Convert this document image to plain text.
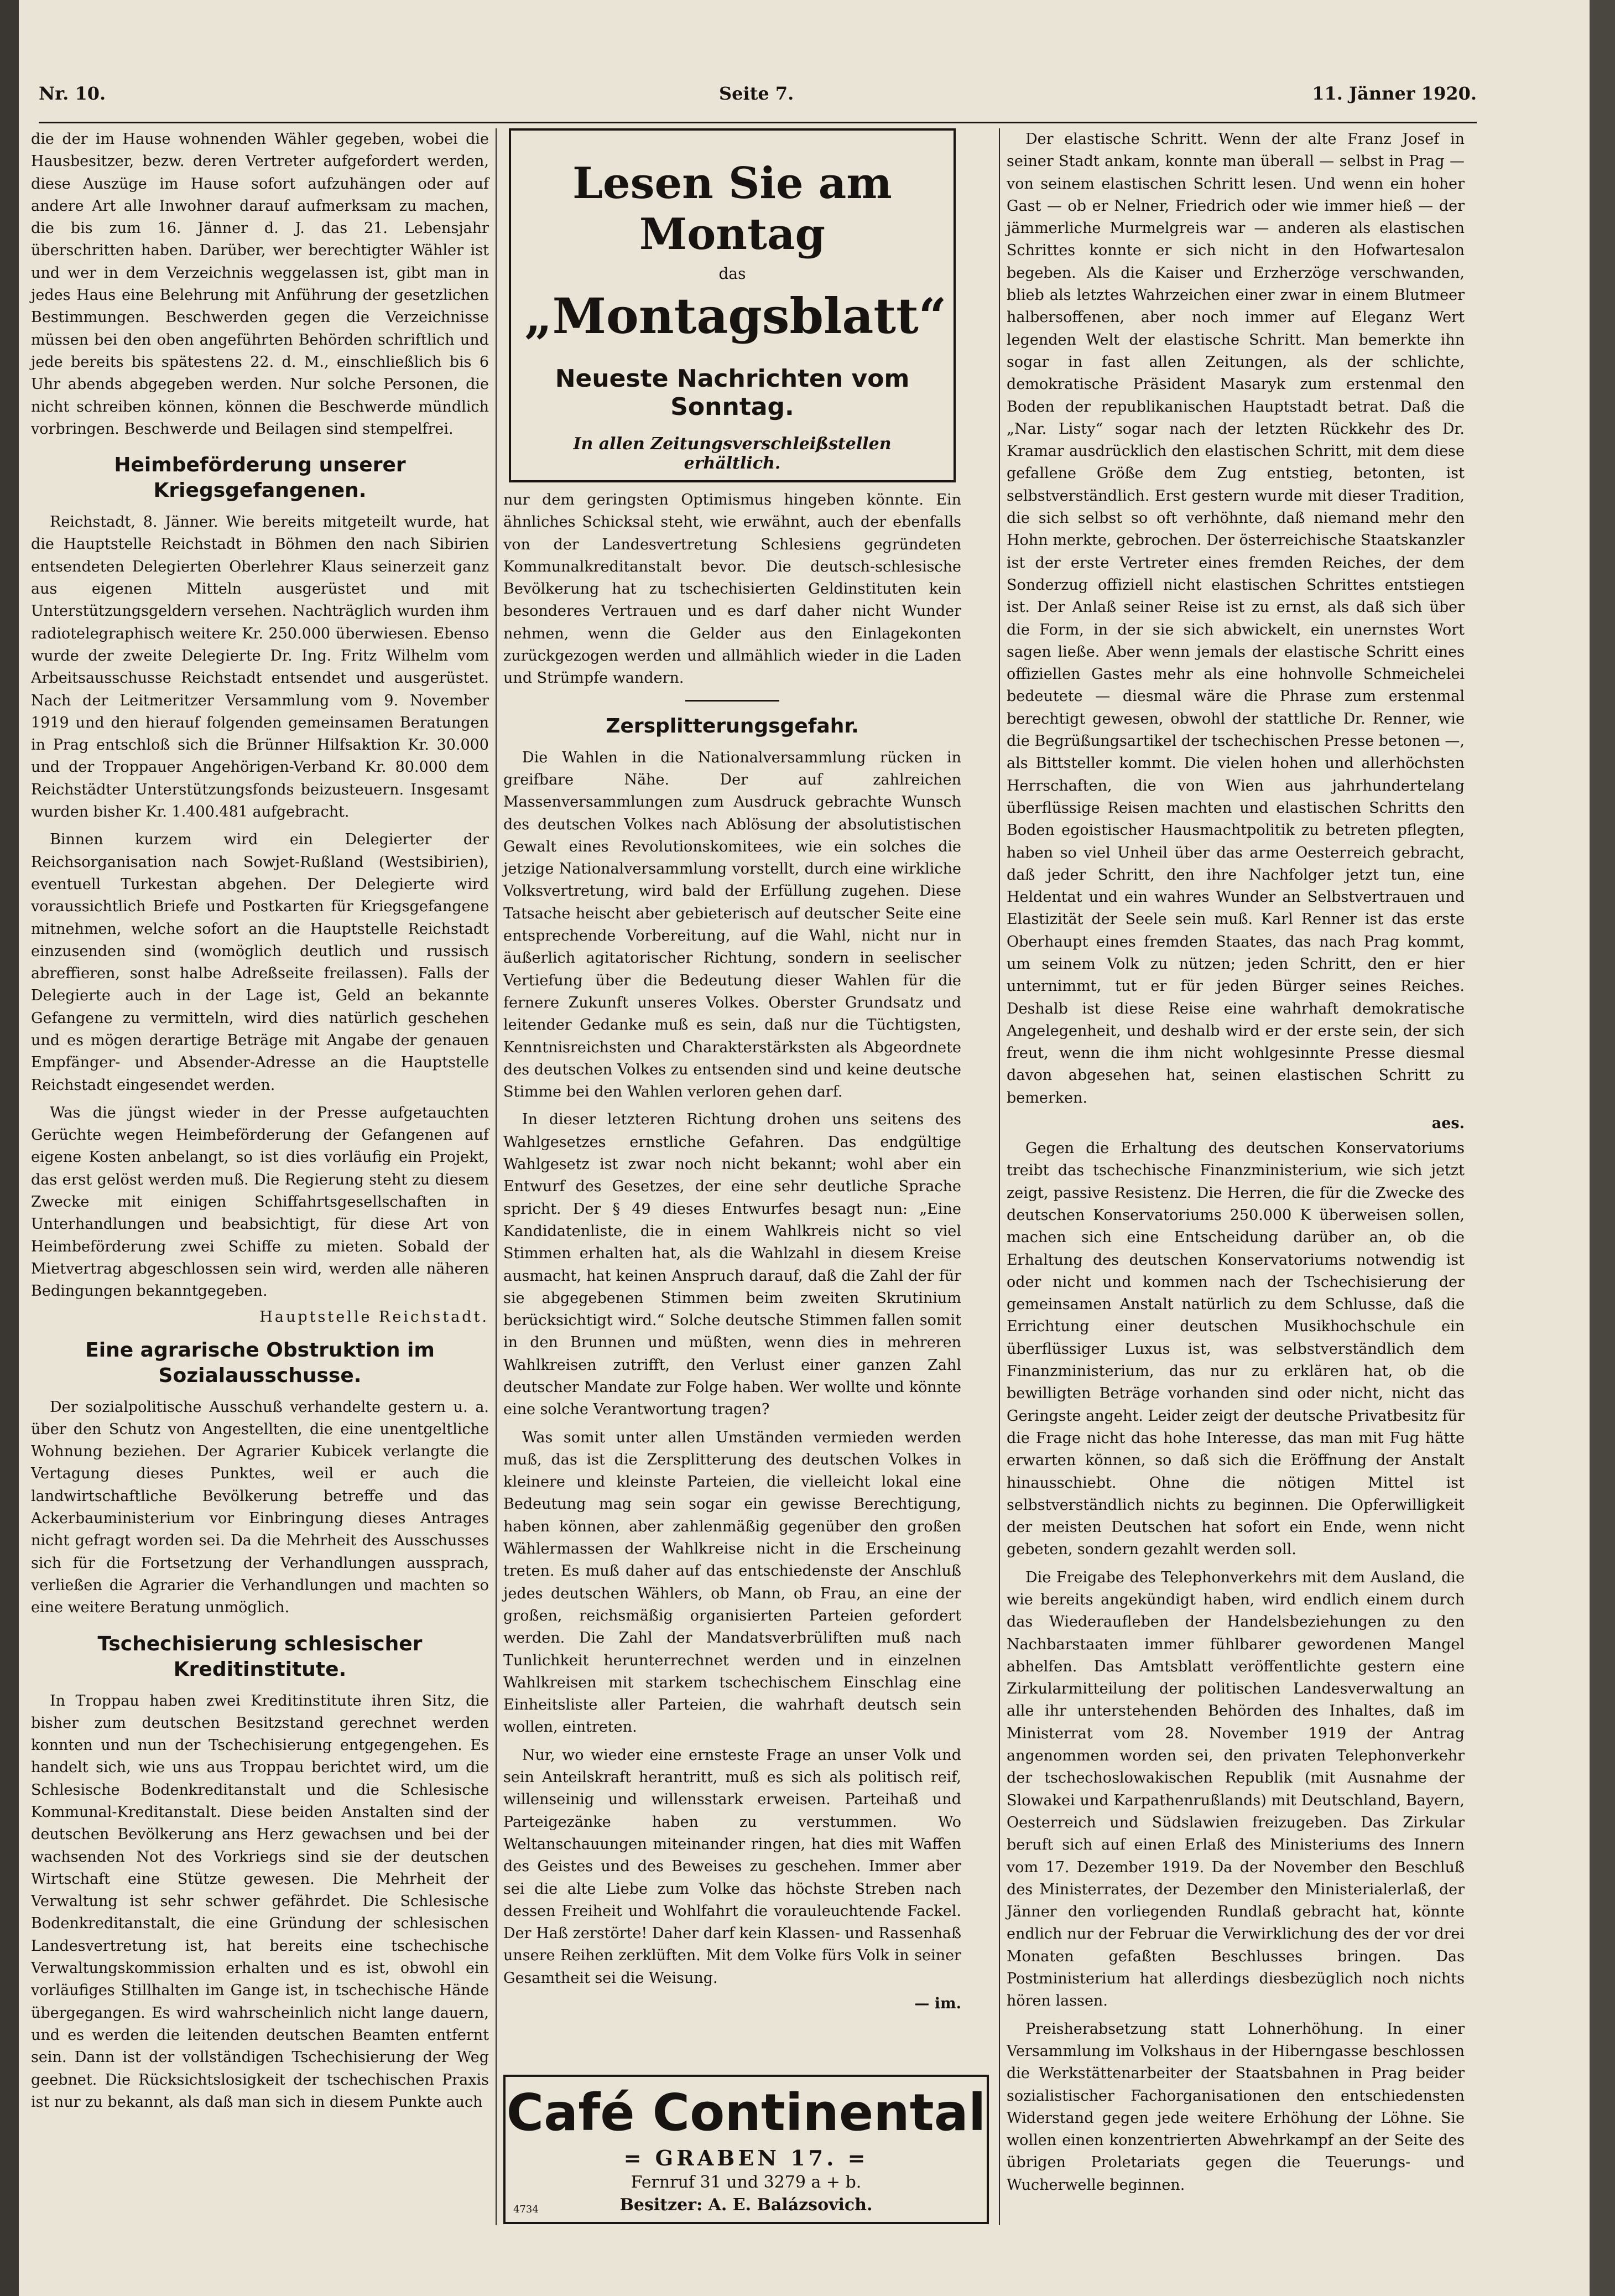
Nr. 10.	Seite 7.	11. Jänner 1920.

die der im Hause wohnenden Wähler gegeben, wobei die Hausbesitzer, bezw. deren Vertreter aufgefordert werden, diese Auszüge im Hause sofort aufzuhängen oder auf andere Art alle Inwohner darauf aufmerksam zu machen, die bis zum 16. Jänner d. J. das 21. Lebensjahr überschritten haben. Darüber, wer berechtigter Wähler ist und wer in dem Verzeichnis weggelassen ist, gibt man in jedes Haus eine Belehrung mit Anführung der gesetzlichen Bestimmungen. Beschwerden gegen die Verzeichnisse müssen bei den oben angeführten Behörden schriftlich und jede bereits bis spätestens 22. d. M., einschließlich bis 6 Uhr abends abgegeben werden. Nur solche Personen, die nicht schreiben können, können die Beschwerde mündlich vorbringen. Beschwerde und Beilagen sind stempelfrei.

Heimbeförderung unserer Kriegsgefangenen.

Reichstadt, 8. Jänner. Wie bereits mitgeteilt wurde, hat die Hauptstelle Reichstadt in Böhmen den nach Sibirien entsendeten Delegierten Oberlehrer Klaus seinerzeit ganz aus eigenen Mitteln ausgerüstet und mit Unterstützungsgeldern versehen. Nachträglich wurden ihm radiotelegraphisch weitere Kr. 250.000 überwiesen. Ebenso wurde der zweite Delegierte Dr. Ing. Fritz Wilhelm vom Arbeitsausschusse Reichstadt entsendet und ausgerüstet. Nach der Leitmeritzer Versammlung vom 9. November 1919 und den hierauf folgenden gemeinsamen Beratungen in Prag entschloß sich die Brünner Hilfsaktion Kr. 30.000 und der Troppauer Angehörigen-Verband Kr. 80.000 dem Reichstädter Unterstützungsfonds beizusteuern. Insgesamt wurden bisher Kr. 1.400.481 aufgebracht.

Binnen kurzem wird ein Delegierter der Reichsorganisation nach Sowjet-Rußland (Westsibirien), eventuell Turkestan abgehen. Der Delegierte wird voraussichtlich Briefe und Postkarten für Kriegsgefangene mitnehmen, welche sofort an die Hauptstelle Reichstadt einzusenden sind (womöglich deutlich und russisch abreffieren, sonst halbe Adreßseite freilassen). Falls der Delegierte auch in der Lage ist, Geld an bekannte Gefangene zu vermitteln, wird dies natürlich geschehen und es mögen derartige Beträge mit Angabe der genauen Empfänger- und Absender-Adresse an die Hauptstelle Reichstadt eingesendet werden.

Was die jüngst wieder in der Presse aufgetauchten Gerüchte wegen Heimbeförderung der Gefangenen auf eigene Kosten anbelangt, so ist dies vorläufig ein Projekt, das erst gelöst werden muß. Die Regierung steht zu diesem Zwecke mit einigen Schiffahrtsgesellschaften in Unterhandlungen und beabsichtigt, für diese Art von Heimbeförderung zwei Schiffe zu mieten. Sobald der Mietvertrag abgeschlossen sein wird, werden alle näheren Bedingungen bekanntgegeben.

Hauptstelle Reichstadt.
Eine agrarische Obstruktion im Sozialausschusse.

Der sozialpolitische Ausschuß verhandelte gestern u. a. über den Schutz von Angestellten, die eine unentgeltliche Wohnung beziehen. Der Agrarier Kubicek verlangte die Vertagung dieses Punktes, weil er auch die landwirtschaftliche Bevölkerung betreffe und das Ackerbauministerium vor Einbringung dieses Antrages nicht gefragt worden sei. Da die Mehrheit des Ausschusses sich für die Fortsetzung der Verhandlungen aussprach, verließen die Agrarier die Verhandlungen und machten so eine weitere Beratung unmöglich.

Tschechisierung schlesischer Kreditinstitute.

In Troppau haben zwei Kreditinstitute ihren Sitz, die bisher zum deutschen Besitzstand gerechnet werden konnten und nun der Tschechisierung entgegengehen. Es handelt sich, wie uns aus Troppau berichtet wird, um die Schlesische Bodenkreditanstalt und die Schlesische Kommunal-Kreditanstalt. Diese beiden Anstalten sind der deutschen Bevölkerung ans Herz gewachsen und bei der wachsenden Not des Vorkriegs sind sie der deutschen Wirtschaft eine Stütze gewesen. Die Mehrheit der Verwaltung ist sehr schwer gefährdet. Die Schlesische Bodenkreditanstalt, die eine Gründung der schlesischen Landesvertretung ist, hat bereits eine tschechische Verwaltungskommission erhalten und es ist, obwohl ein vorläufiges Stillhalten im Gange ist, in tschechische Hände übergegangen. Es wird wahrscheinlich nicht lange dauern, und es werden die leitenden deutschen Beamten entfernt sein. Dann ist der vollständigen Tschechisierung der Weg geebnet. Die Rücksichtslosigkeit der tschechischen Praxis ist nur zu bekannt, als daß man sich in diesem Punkte auch

Lesen Sie am Montag
das
„Montagsblatt“
Neueste Nachrichten vom Sonntag.
In allen Zeitungsverschleißstellen erhältlich.

nur dem geringsten Optimismus hingeben könnte. Ein ähnliches Schicksal steht, wie erwähnt, auch der ebenfalls von der Landesvertretung Schlesiens gegründeten Kommunalkreditanstalt bevor. Die deutsch-schlesische Bevölkerung hat zu tschechisierten Geldinstituten kein besonderes Vertrauen und es darf daher nicht Wunder nehmen, wenn die Gelder aus den Einlagekonten zurückgezogen werden und allmählich wieder in die Laden und Strümpfe wandern.

Zersplitterungsgefahr.

Die Wahlen in die Nationalversammlung rücken in greifbare Nähe. Der auf zahlreichen Massenversammlungen zum Ausdruck gebrachte Wunsch des deutschen Volkes nach Ablösung der absolutistischen Gewalt eines Revolutionskomitees, wie ein solches die jetzige Nationalversammlung vorstellt, durch eine wirkliche Volksvertretung, wird bald der Erfüllung zugehen. Diese Tatsache heischt aber gebieterisch auf deutscher Seite eine entsprechende Vorbereitung, auf die Wahl, nicht nur in äußerlich agitatorischer Richtung, sondern in seelischer Vertiefung über die Bedeutung dieser Wahlen für die fernere Zukunft unseres Volkes. Oberster Grundsatz und leitender Gedanke muß es sein, daß nur die Tüchtigsten, Kenntnisreichsten und Charakterstärksten als Abgeordnete des deutschen Volkes zu entsenden sind und keine deutsche Stimme bei den Wahlen verloren gehen darf.

In dieser letzteren Richtung drohen uns seitens des Wahlgesetzes ernstliche Gefahren. Das endgültige Wahlgesetz ist zwar noch nicht bekannt; wohl aber ein Entwurf des Gesetzes, der eine sehr deutliche Sprache spricht. Der § 49 dieses Entwurfes besagt nun: „Eine Kandidatenliste, die in einem Wahlkreis nicht so viel Stimmen erhalten hat, als die Wahlzahl in diesem Kreise ausmacht, hat keinen Anspruch darauf, daß die Zahl der für sie abgegebenen Stimmen beim zweiten Skrutinium berücksichtigt wird.“ Solche deutsche Stimmen fallen somit in den Brunnen und müßten, wenn dies in mehreren Wahlkreisen zutrifft, den Verlust einer ganzen Zahl deutscher Mandate zur Folge haben. Wer wollte und könnte eine solche Verantwortung tragen?

Was somit unter allen Umständen vermieden werden muß, das ist die Zersplitterung des deutschen Volkes in kleinere und kleinste Parteien, die vielleicht lokal eine Bedeutung mag sein sogar ein gewisse Berechtigung, haben können, aber zahlenmäßig gegenüber den großen Wählermassen der Wahlkreise nicht in die Erscheinung treten. Es muß daher auf das entschiedenste der Anschluß jedes deutschen Wählers, ob Mann, ob Frau, an eine der großen, reichsmäßig organisierten Parteien gefordert werden. Die Zahl der Mandatsverbrüliften muß nach Tunlichkeit herunterrechnet werden und in einzelnen Wahlkreisen mit starkem tschechischem Einschlag eine Einheitsliste aller Parteien, die wahrhaft deutsch sein wollen, eintreten.

Nur, wo wieder eine ernsteste Frage an unser Volk und sein Anteilskraft herantritt, muß es sich als politisch reif, willenseinig und willensstark erweisen. Parteihaß und Parteigezänke haben zu verstummen. Wo Weltanschauungen miteinander ringen, hat dies mit Waffen des Geistes und des Beweises zu geschehen. Immer aber sei die alte Liebe zum Volke das höchste Streben nach dessen Freiheit und Wohlfahrt die vorauleuchtende Fackel. Der Haß zerstörte! Daher darf kein Klassen- und Rassenhaß unsere Reihen zerklüften. Mit dem Volke fürs Volk in seiner Gesamtheit sei die Weisung.

— im.
Café Continental
= GRABEN 17. =
Fernruf 31 und 3279 a + b.
Besitzer: A. E. Balázsovich.
4734

Der elastische Schritt. Wenn der alte Franz Josef in seiner Stadt ankam, konnte man überall — selbst in Prag — von seinem elastischen Schritt lesen. Und wenn ein hoher Gast — ob er Nelner, Friedrich oder wie immer hieß — der jämmerliche Murmelgreis war — anderen als elastischen Schrittes konnte er sich nicht in den Hofwartesalon begeben. Als die Kaiser und Erzherzöge verschwanden, blieb als letztes Wahrzeichen einer zwar in einem Blutmeer halbersoffenen, aber noch immer auf Eleganz Wert legenden Welt der elastische Schritt. Man bemerkte ihn sogar in fast allen Zeitungen, als der schlichte, demokratische Präsident Masaryk zum erstenmal den Boden der republikanischen Hauptstadt betrat. Daß die „Nar. Listy“ sogar nach der letzten Rückkehr des Dr. Kramar ausdrücklich den elastischen Schritt, mit dem diese gefallene Größe dem Zug entstieg, betonten, ist selbstverständlich. Erst gestern wurde mit dieser Tradition, die sich selbst so oft verhöhnte, daß niemand mehr den Hohn merkte, gebrochen. Der österreichische Staatskanzler ist der erste Vertreter eines fremden Reiches, der dem Sonderzug offiziell nicht elastischen Schrittes entstiegen ist. Der Anlaß seiner Reise ist zu ernst, als daß sich über die Form, in der sie sich abwickelt, ein unernstes Wort sagen ließe. Aber wenn jemals der elastische Schritt eines offiziellen Gastes mehr als eine hohnvolle Schmeichelei bedeutete — diesmal wäre die Phrase zum erstenmal berechtigt gewesen, obwohl der stattliche Dr. Renner, wie die Begrüßungsartikel der tschechischen Presse betonen —, als Bittsteller kommt. Die vielen hohen und allerhöchsten Herrschaften, die von Wien aus jahrhundertelang überflüssige Reisen machten und elastischen Schritts den Boden egoistischer Hausmachtpolitik zu betreten pflegten, haben so viel Unheil über das arme Oesterreich gebracht, daß jeder Schritt, den ihre Nachfolger jetzt tun, eine Heldentat und ein wahres Wunder an Selbstvertrauen und Elastizität der Seele sein muß. Karl Renner ist das erste Oberhaupt eines fremden Staates, das nach Prag kommt, um seinem Volk zu nützen; jeden Schritt, den er hier unternimmt, tut er für jeden Bürger seines Reiches. Deshalb ist diese Reise eine wahrhaft demokratische Angelegenheit, und deshalb wird er der erste sein, der sich freut, wenn die ihm nicht wohlgesinnte Presse diesmal davon abgesehen hat, seinen elastischen Schritt zu bemerken.

aes.

Gegen die Erhaltung des deutschen Konservatoriums treibt das tschechische Finanzministerium, wie sich jetzt zeigt, passive Resistenz. Die Herren, die für die Zwecke des deutschen Konservatoriums 250.000 K überweisen sollen, machen sich eine Entscheidung darüber an, ob die Erhaltung des deutschen Konservatoriums notwendig ist oder nicht und kommen nach der Tschechisierung der gemeinsamen Anstalt natürlich zu dem Schlusse, daß die Errichtung einer deutschen Musikhochschule ein überflüssiger Luxus ist, was selbstverständlich dem Finanzministerium, das nur zu erklären hat, ob die bewilligten Beträge vorhanden sind oder nicht, nicht das Geringste angeht. Leider zeigt der deutsche Privatbesitz für die Frage nicht das hohe Interesse, das man mit Fug hätte erwarten können, so daß sich die Eröffnung der Anstalt hinausschiebt. Ohne die nötigen Mittel ist selbstverständlich nichts zu beginnen. Die Opferwilligkeit der meisten Deutschen hat sofort ein Ende, wenn nicht gebeten, sondern gezahlt werden soll.

Die Freigabe des Telephonverkehrs mit dem Ausland, die wie bereits angekündigt haben, wird endlich einem durch das Wiederaufleben der Handelsbeziehungen zu den Nachbarstaaten immer fühlbarer gewordenen Mangel abhelfen. Das Amtsblatt veröffentlichte gestern eine Zirkularmitteilung der politischen Landesverwaltung an alle ihr unterstehenden Behörden des Inhaltes, daß im Ministerrat vom 28. November 1919 der Antrag angenommen worden sei, den privaten Telephonverkehr der tschechoslowakischen Republik (mit Ausnahme der Slowakei und Karpathenrußlands) mit Deutschland, Bayern, Oesterreich und Südslawien freizugeben. Das Zirkular beruft sich auf einen Erlaß des Ministeriums des Innern vom 17. Dezember 1919. Da der November den Beschluß des Ministerrates, der Dezember den Ministerialerlaß, der Jänner den vorliegenden Rundlaß gebracht hat, könnte endlich nur der Februar die Verwirklichung des der vor drei Monaten gefaßten Beschlusses bringen. Das Postministerium hat allerdings diesbezüglich noch nichts hören lassen.

Preisherabsetzung statt Lohnerhöhung. In einer Versammlung im Volkshaus in der Hiberngasse beschlossen die Werkstättenarbeiter der Staatsbahnen in Prag beider sozialistischer Fachorganisationen den entschiedensten Widerstand gegen jede weitere Erhöhung der Löhne. Sie wollen einen konzentrierten Abwehrkampf an der Seite des übrigen Proletariats gegen die Teuerungs- und Wucherwelle beginnen.
